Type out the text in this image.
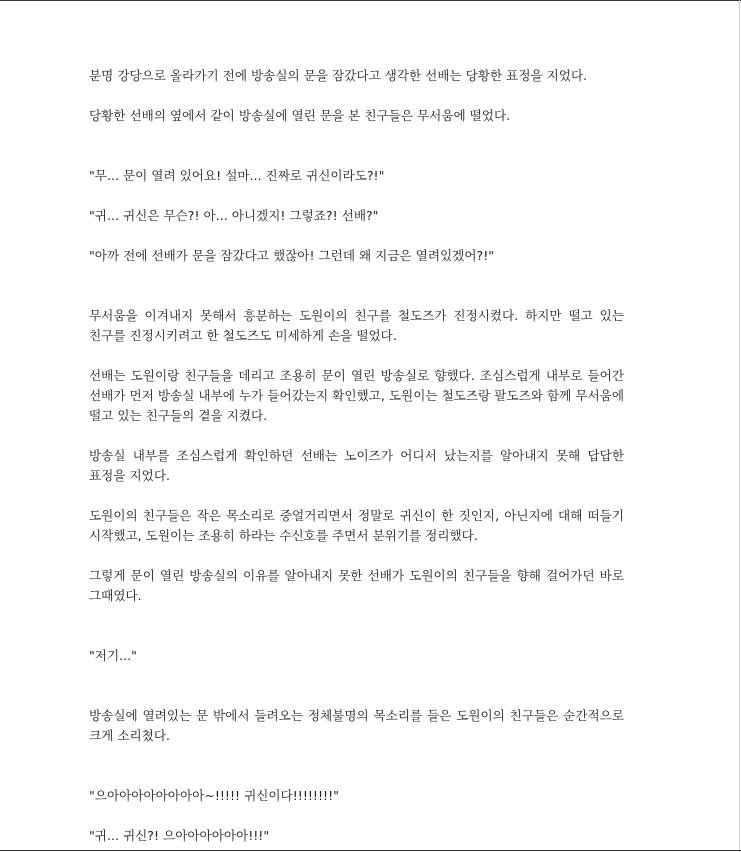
분명 강당으로 올라가기 전에 방송실의 문을 잠갔다고 생각한 선배는 당황한 표정을 지었다.

당황한 선배의 옆에서 같이 방송실에 열린 문을 본 친구들은 무서움에 떨었다.

"무... 문이 열려 있어요! 설마... 진짜로 귀신이라도?!"

"귀... 귀신은 무슨?! 아... 아니겠지! 그렇죠?! 선배?"

"아까 전에 선배가 문을 잠갔다고 했잖아! 그런데 왜 지금은 열려있겠어?!"

무서움을 이겨내지 못해서 흥분하는 도원이의 친구를 철도즈가 진정시켰다. 하지만 떨고 있는 친구를 진정시키려고 한 철도즈도 미세하게 손을 떨었다.

선배는 도원이랑 친구들을 데리고 조용히 문이 열린 방송실로 향했다. 조심스럽게 내부로 들어간 선배가 먼저 방송실 내부에 누가 들어갔는지 확인했고, 도원이는 철도즈랑 팔도즈와 함께 무서움에 떨고 있는 친구들의 곁을 지켰다.

방송실 내부를 조심스럽게 확인하던 선배는 노이즈가 어디서 났는지를 알아내지 못해 답답한 표정을 지었다.

도원이의 친구들은 작은 목소리로 중얼거리면서 정말로 귀신이 한 짓인지, 아닌지에 대해 떠들기 시작했고, 도원이는 조용히 하라는 수신호를 주면서 분위기를 정리했다.

그렇게 문이 열린 방송실의 이유를 알아내지 못한 선배가 도원이의 친구들을 향해 걸어가던 바로 그때였다.

"저기..."

방송실에 열려있는 문 밖에서 들려오는 정체불명의 목소리를 들은 도원이의 친구들은 순간적으로 크게 소리쳤다.

"으아아아아아아아아~!!!!! 귀신이다!!!!!!!!"

"귀... 귀신?! 으아아아아아아!!!"
